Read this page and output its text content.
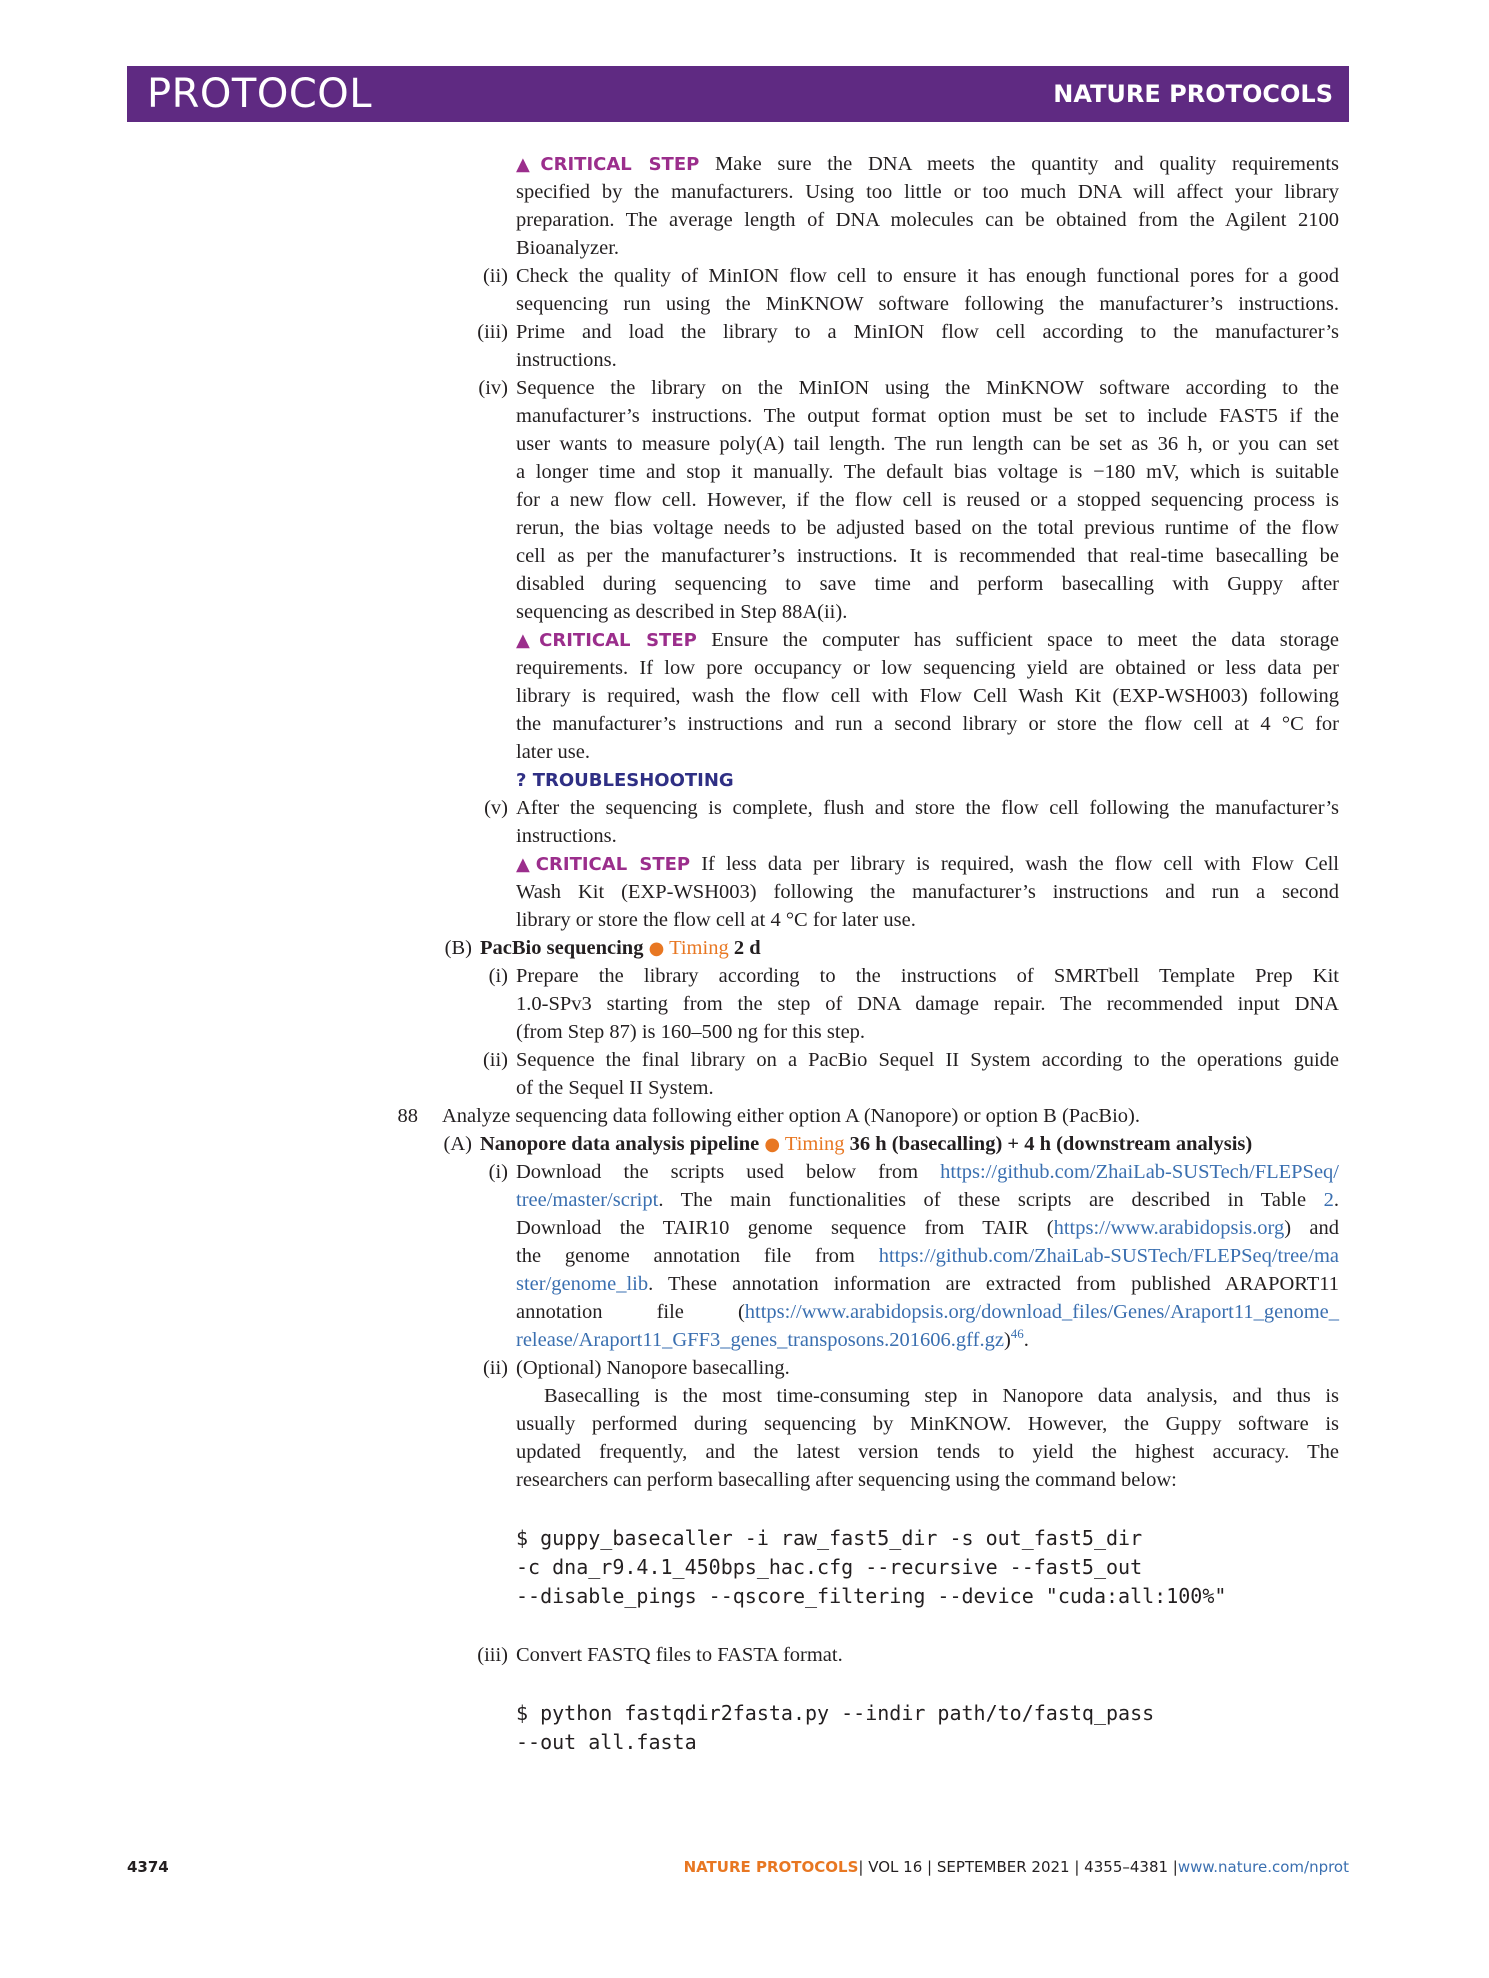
PROTOCOL	NATURE PROTOCOLS
▲CRITICAL STEP Make sure the DNA meets the quantity and quality requirements
specified by the manufacturers. Using too little or too much DNA will affect your library
preparation. The average length of DNA molecules can be obtained from the Agilent 2100
Bioanalyzer.
(ii) Check the quality of MinION flow cell to ensure it has enough functional pores for a good
sequencing run using the MinKNOW software following the manufacturer’s instructions.
(iii) Prime and load the library to a MinION flow cell according to the manufacturer’s
instructions.
(iv) Sequence the library on the MinION using the MinKNOW software according to the
manufacturer’s instructions. The output format option must be set to include FAST5 if the
user wants to measure poly(A) tail length. The run length can be set as 36 h, or you can set
a longer time and stop it manually. The default bias voltage is −180 mV, which is suitable
for a new flow cell. However, if the flow cell is reused or a stopped sequencing process is
rerun, the bias voltage needs to be adjusted based on the total previous runtime of the flow
cell as per the manufacturer’s instructions. It is recommended that real-time basecalling be
disabled during sequencing to save time and perform basecalling with Guppy after
sequencing as described in Step 88A(ii).
▲CRITICAL STEP Ensure the computer has sufficient space to meet the data storage
requirements. If low pore occupancy or low sequencing yield are obtained or less data per
library is required, wash the flow cell with Flow Cell Wash Kit (EXP-WSH003) following
the manufacturer’s instructions and run a second library or store the flow cell at 4 °C for
later use.
? TROUBLESHOOTING
(v) After the sequencing is complete, flush and store the flow cell following the manufacturer’s
instructions.
▲CRITICAL STEP If less data per library is required, wash the flow cell with Flow Cell
Wash Kit (EXP-WSH003) following the manufacturer’s instructions and run a second
library or store the flow cell at 4 °C for later use.
(B) PacBio sequencing ● Timing 2 d
(i) Prepare the library according to the instructions of SMRTbell Template Prep Kit
1.0-SPv3 starting from the step of DNA damage repair. The recommended input DNA
(from Step 87) is 160–500 ng for this step.
(ii) Sequence the final library on a PacBio Sequel II System according to the operations guide
of the Sequel II System.
88 Analyze sequencing data following either option A (Nanopore) or option B (PacBio).
(A) Nanopore data analysis pipeline ● Timing 36 h (basecalling) + 4 h (downstream analysis)
(i) Download the scripts used below from https://github.com/ZhaiLab-SUSTech/FLEPSeq/
tree/master/script. The main functionalities of these scripts are described in Table 2.
Download the TAIR10 genome sequence from TAIR (https://www.arabidopsis.org) and
the genome annotation file from https://github.com/ZhaiLab-SUSTech/FLEPSeq/tree/ma
ster/genome_lib. These annotation information are extracted from published ARAPORT11
annotation file (https://www.arabidopsis.org/download_files/Genes/Araport11_genome_
release/Araport11_GFF3_genes_transposons.201606.gff.gz)$^{46}$.
(ii) (Optional) Nanopore basecalling.
Basecalling is the most time-consuming step in Nanopore data analysis, and thus is
usually performed during sequencing by MinKNOW. However, the Guppy software is
updated frequently, and the latest version tends to yield the highest accuracy. The
researchers can perform basecalling after sequencing using the command below:
$ guppy_basecaller -i raw_fast5_dir -s out_fast5_dir
-c dna_r9.4.1_450bps_hac.cfg --recursive --fast5_out
--disable_pings --qscore_filtering --device "cuda:all:100%"
(iii) Convert FASTQ files to FASTA format.
$ python fastqdir2fasta.py --indir path/to/fastq_pass
--out all.fasta
4374	NATURE PROTOCOLS| VOL 16 | SEPTEMBER 2021 | 4355–4381 |www.nature.com/nprot
